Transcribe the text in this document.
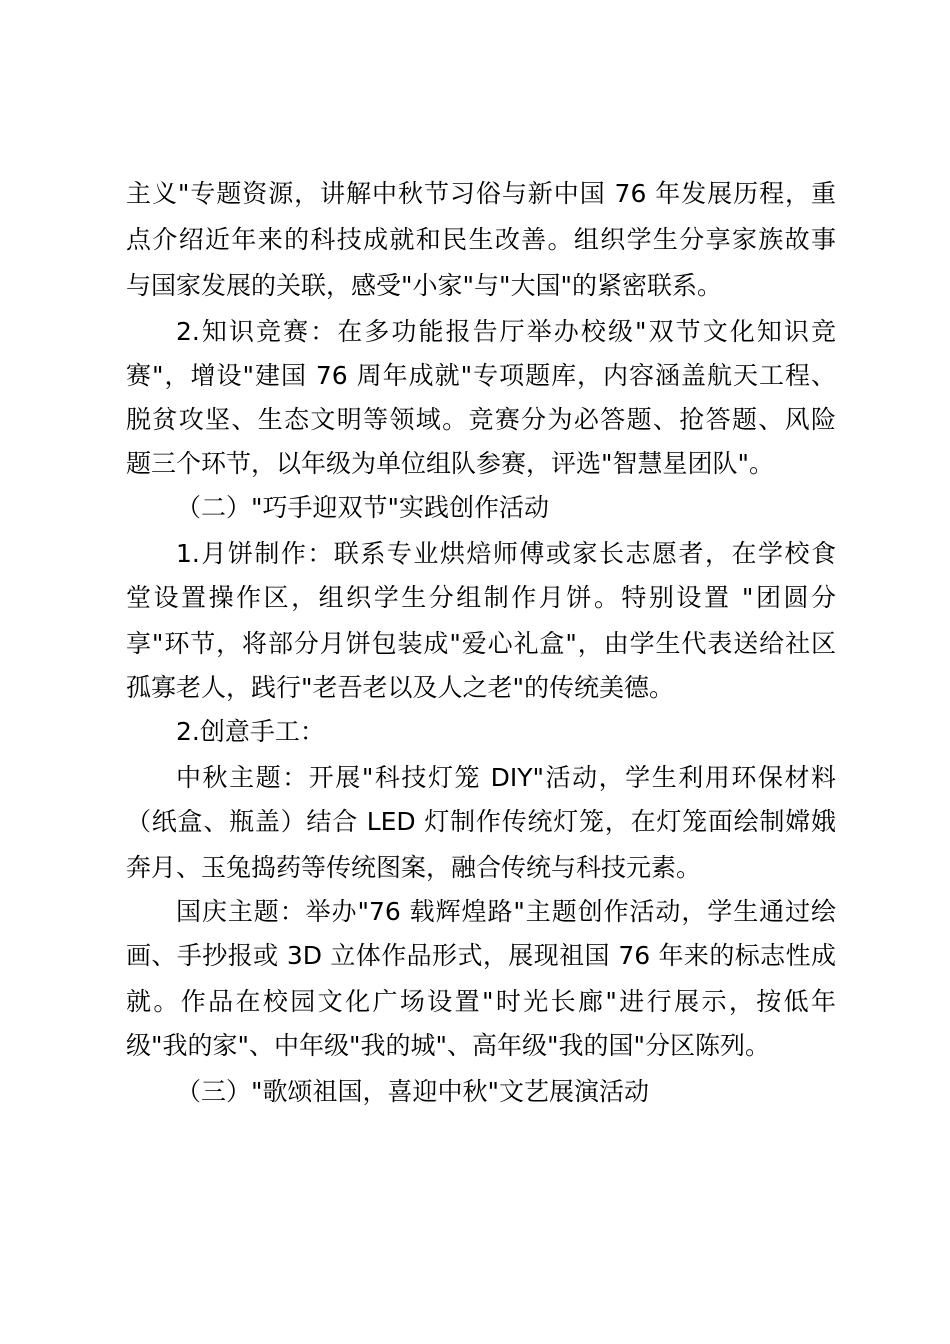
主义"专题资源，讲解中秋节习俗与新中国 76 年发展历程，重
点介绍近年来的科技成就和民生改善。组织学生分享家族故事
与国家发展的关联，感受"小家"与"大国"的紧密联系。
2.知识竞赛：在多功能报告厅举办校级"双节文化知识竞
赛"，增设"建国 76 周年成就"专项题库，内容涵盖航天工程、
脱贫攻坚、生态文明等领域。竞赛分为必答题、抢答题、风险
题三个环节，以年级为单位组队参赛，评选"智慧星团队"。
（二）"巧手迎双节"实践创作活动
1.月饼制作：联系专业烘焙师傅或家长志愿者，在学校食
堂设置操作区，组织学生分组制作月饼。特别设置 "团圆分
享"环节，将部分月饼包装成"爱心礼盒"，由学生代表送给社区
孤寡老人，践行"老吾老以及人之老"的传统美德。
2.创意手工：
中秋主题：开展"科技灯笼 DIY"活动，学生利用环保材料
（纸盒、瓶盖）结合 LED 灯制作传统灯笼，在灯笼面绘制嫦娥
奔月、玉兔捣药等传统图案，融合传统与科技元素。
国庆主题：举办"76 载辉煌路"主题创作活动，学生通过绘
画、手抄报或 3D 立体作品形式，展现祖国 76 年来的标志性成
就。作品在校园文化广场设置"时光长廊"进行展示，按低年
级"我的家"、中年级"我的城"、高年级"我的国"分区陈列。
（三）"歌颂祖国，喜迎中秋"文艺展演活动
